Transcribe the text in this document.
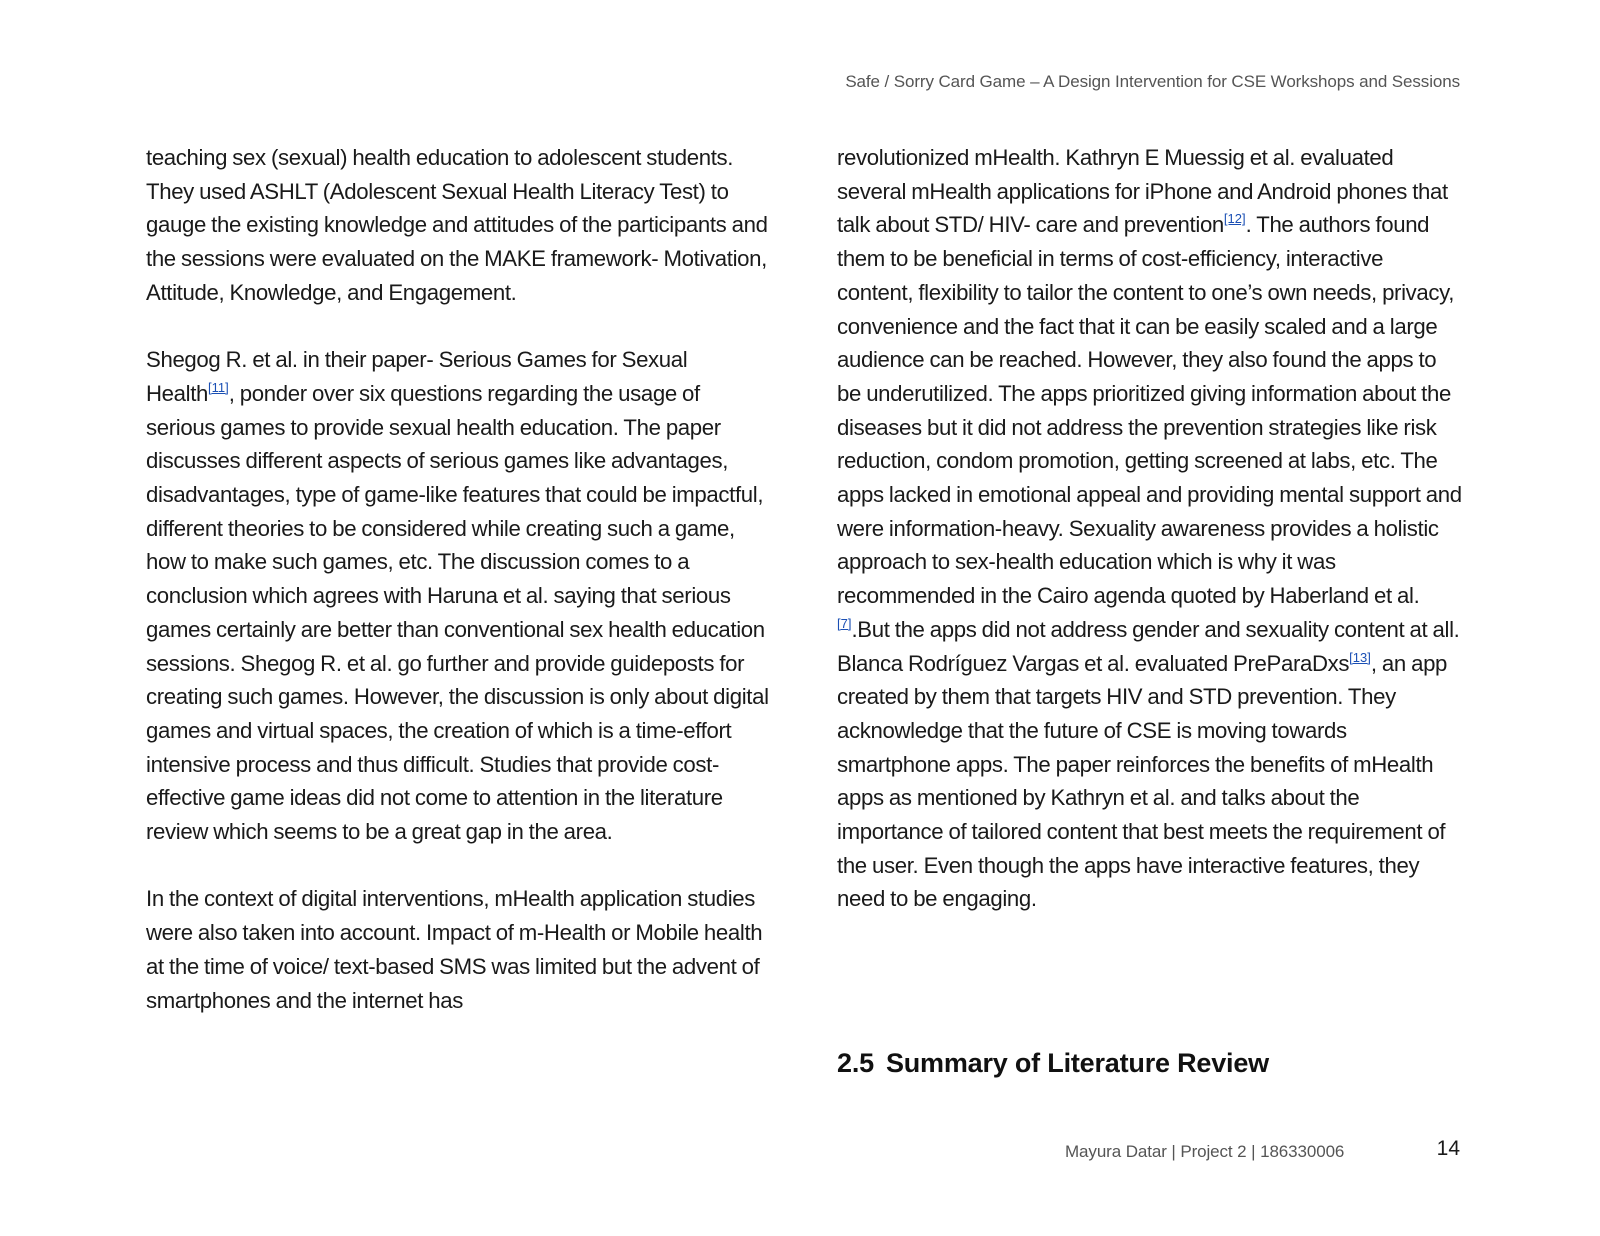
Safe / Sorry Card Game – A Design Intervention for CSE Workshops and Sessions

teaching sex (sexual) health education to adolescent students. They used ASHLT (Adolescent Sexual Health Literacy Test) to gauge the existing knowledge and attitudes of the participants and the sessions were evaluated on the MAKE framework- Motivation, Attitude, Knowledge, and Engagement.

Shegog R. et al. in their paper- Serious Games for Sexual Health[11], ponder over six questions regarding the usage of serious games to provide sexual health education. The paper discusses different aspects of serious games like advantages, disadvantages, type of game-like features that could be impactful, different theories to be considered while creating such a game, how to make such games, etc. The discussion comes to a conclusion which agrees with Haruna et al. saying that serious games certainly are better than conventional sex health education sessions. Shegog R. et al. go further and provide guideposts for creating such games. However, the discussion is only about digital games and virtual spaces, the creation of which is a time-effort intensive process and thus difficult. Studies that provide cost-effective game ideas did not come to attention in the literature review which seems to be a great gap in the area.

In the context of digital interventions, mHealth application studies were also taken into account. Impact of m-Health or Mobile health at the time of voice/ text-based SMS was limited but the advent of smartphones and the internet has

revolutionized mHealth. Kathryn E Muessig et al. evaluated several mHealth applications for iPhone and Android phones that talk about STD/ HIV- care and prevention[12]. The authors found them to be beneficial in terms of cost-efficiency, interactive content, flexibility to tailor the content to one’s own needs, privacy, convenience and the fact that it can be easily scaled and a large audience can be reached. However, they also found the apps to be underutilized. The apps prioritized giving information about the diseases but it did not address the prevention strategies like risk reduction, condom promotion, getting screened at labs, etc. The apps lacked in emotional appeal and providing mental support and were information-heavy. Sexuality awareness provides a holistic approach to sex-health education which is why it was recommended in the Cairo agenda quoted by Haberland et al.[7].But the apps did not address gender and sexuality content at all. Blanca Rodríguez Vargas et al. evaluated PreParaDxs[13], an app created by them that targets HIV and STD prevention. They acknowledge that the future of CSE is moving towards smartphone apps. The paper reinforces the benefits of mHealth apps as mentioned by Kathryn et al. and talks about the importance of tailored content that best meets the requirement of the user. Even though the apps have interactive features, they need to be engaging.

2.5 Summary of Literature Review
Mayura Datar | Project 2 | 186330006	14
